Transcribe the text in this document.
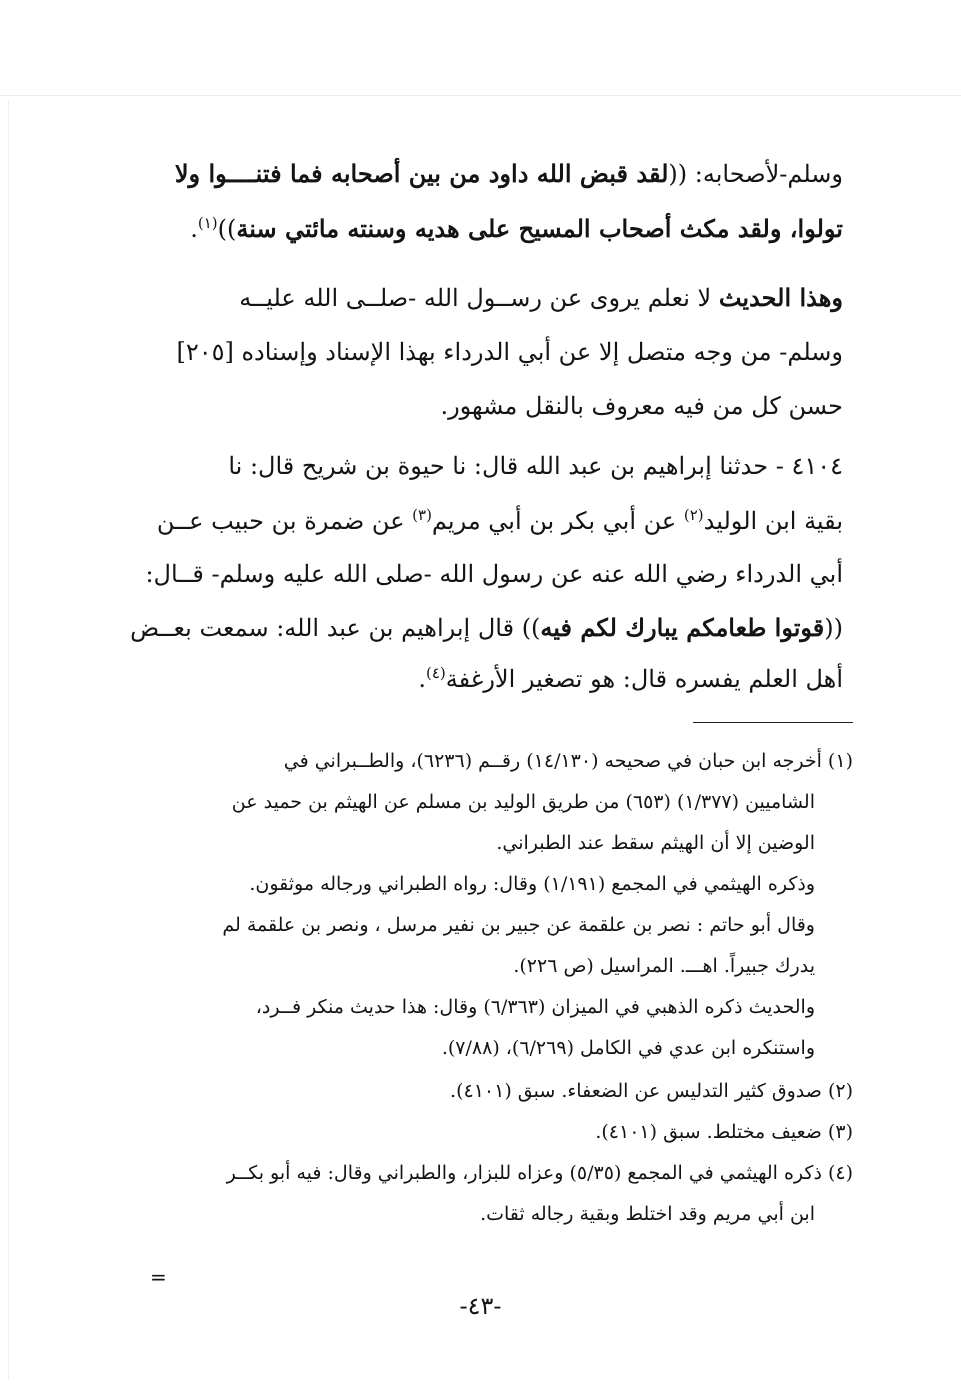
وسلم-لأصحابه: ((لقد قبض الله داود من بين أصحابه فما فتنــــوا ولا
تولوا، ولقد مكث أصحاب المسيح على هديه وسنته مائتي سنة))$^{(١)}$.
وهذا الحديث لا نعلم يروى عن رســول الله -صلــى الله عليــه
وسلم- من وجه متصل إلا عن أبي الدرداء بهذا الإسناد وإسناده [٢٠٥]
حسن كل من فيه معروف بالنقل مشهور.
٤١٠٤ - حدثنا إبراهيم بن عبد الله قال: نا حيوة بن شريح قال: نا
بقية ابن الوليد$^{(٢)}$ عن أبي بكر بن أبي مريم$^{(٣)}$ عن ضمرة بن حبيب عــن
أبي الدرداء رضي الله عنه عن رسول الله -صلى الله عليه وسلم- قــال:
((قوتوا طعامكم يبارك لكم فيه)) قال إبراهيم بن عبد الله: سمعت بعــض
أهل العلم يفسره قال: هو تصغير الأرغفة$^{(٤)}$.
(١) أخرجه ابن حبان في صحيحه (١٤/١٣٠) رقــم (٦٢٣٦)، والطــبراني في
الشاميين (١/٣٧٧) (٦٥٣) من طريق الوليد بن مسلم عن الهيثم بن حميد عن
الوضين إلا أن الهيثم سقط عند الطبراني.
وذكره الهيثمي في المجمع (١/١٩١) وقال: رواه الطبراني ورجاله موثقون.
وقال أبو حاتم : نصر بن علقمة عن جبير بن نفير مرسل ، ونصر بن علقمة لم
يدرك جبيراً. اهـــ. المراسيل (ص ٢٢٦).
والحديث ذكره الذهبي في الميزان (٦/٣٦٣) وقال: هذا حديث منكر فــرد،
واستنكره ابن عدي في الكامل (٦/٢٦٩)، (٧/٨٨).
(٢) صدوق كثير التدليس عن الضعفاء. سبق (٤١٠١).
(٣) ضعيف مختلط. سبق (٤١٠١).
(٤) ذكره الهيثمي في المجمع (٥/٣٥) وعزاه للبزار، والطبراني وقال: فيه أبو بكــر
ابن أبي مريم وقد اختلط وبقية رجاله ثقات.
=
-٤٣-
